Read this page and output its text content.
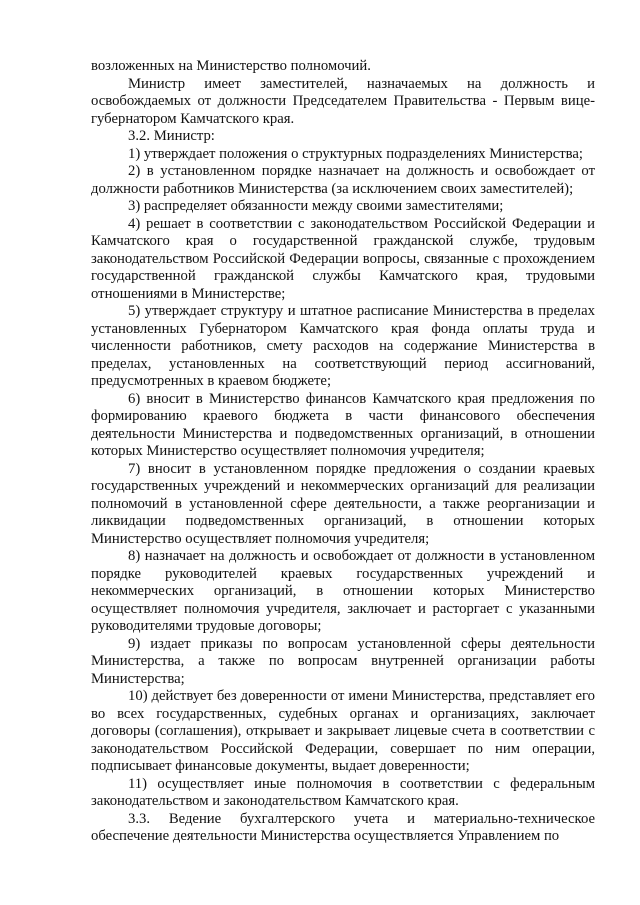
возложенных на Министерство полномочий.

Министр имеет заместителей, назначаемых на должность и освобождаемых от должности Председателем Правительства - Первым вице-губернатором Камчатского края.

3.2. Министр:

1) утверждает положения о структурных подразделениях Министерства;

2) в установленном порядке назначает на должность и освобождает от должности работников Министерства (за исключением своих заместителей);

3) распределяет обязанности между своими заместителями;

4) решает в соответствии с законодательством Российской Федерации и Камчатского края о государственной гражданской службе, трудовым законодательством Российской Федерации вопросы, связанные с прохождением государственной гражданской службы Камчатского края, трудовыми отношениями в Министерстве;

5) утверждает структуру и штатное расписание Министерства в пределах установленных Губернатором Камчатского края фонда оплаты труда и численности работников, смету расходов на содержание Министерства в пределах, установленных на соответствующий период ассигнований, предусмотренных в краевом бюджете;

6) вносит в Министерство финансов Камчатского края предложения по формированию краевого бюджета в части финансового обеспечения деятельности Министерства и подведомственных организаций, в отношении которых Министерство осуществляет полномочия учредителя;

7) вносит в установленном порядке предложения о создании краевых государственных учреждений и некоммерческих организаций для реализации полномочий в установленной сфере деятельности, а также реорганизации и ликвидации подведомственных организаций, в отношении которых Министерство осуществляет полномочия учредителя;

8) назначает на должность и освобождает от должности в установленном порядке руководителей краевых государственных учреждений и некоммерческих организаций, в отношении которых Министерство осуществляет полномочия учредителя, заключает и расторгает с указанными руководителями трудовые договоры;

9) издает приказы по вопросам установленной сферы деятельности Министерства, а также по вопросам внутренней организации работы Министерства;

10) действует без доверенности от имени Министерства, представляет его во всех государственных, судебных органах и организациях, заключает договоры (соглашения), открывает и закрывает лицевые счета в соответствии с законодательством Российской Федерации, совершает по ним операции, подписывает финансовые документы, выдает доверенности;

11) осуществляет иные полномочия в соответствии с федеральным законодательством и законодательством Камчатского края.

3.3. Ведение бухгалтерского учета и материально-техническое обеспечение деятельности Министерства осуществляется Управлением по
